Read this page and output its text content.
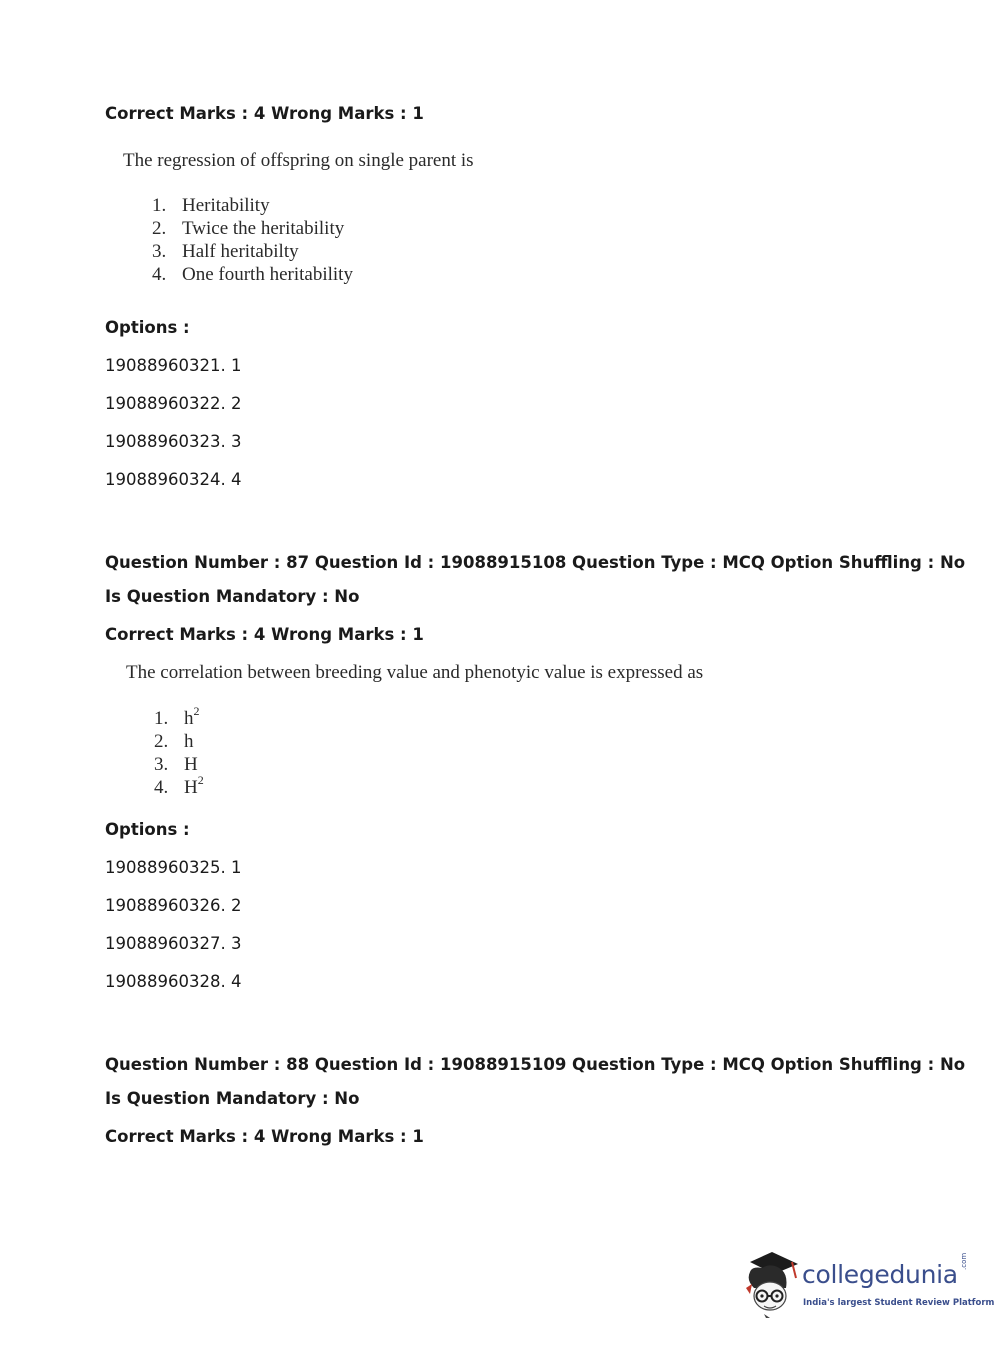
Correct Marks : 4 Wrong Marks : 1
The regression of offspring on single parent is
1. Heritability
2. Twice the heritability
3. Half heritabilty
4. One fourth heritability
Options :
19088960321. 1
19088960322. 2
19088960323. 3
19088960324. 4
Question Number : 87 Question Id : 19088915108 Question Type : MCQ Option Shuffling : No
Is Question Mandatory : No
Correct Marks : 4 Wrong Marks : 1
The correlation between breeding value and phenotyic value is expressed as
1. $h^2$
2. h
3. H
4. $H^2$
Options :
19088960325. 1
19088960326. 2
19088960327. 3
19088960328. 4
Question Number : 88 Question Id : 19088915109 Question Type : MCQ Option Shuffling : No
Is Question Mandatory : No
Correct Marks : 4 Wrong Marks : 1
collegedunia .com
India's largest Student Review Platform
